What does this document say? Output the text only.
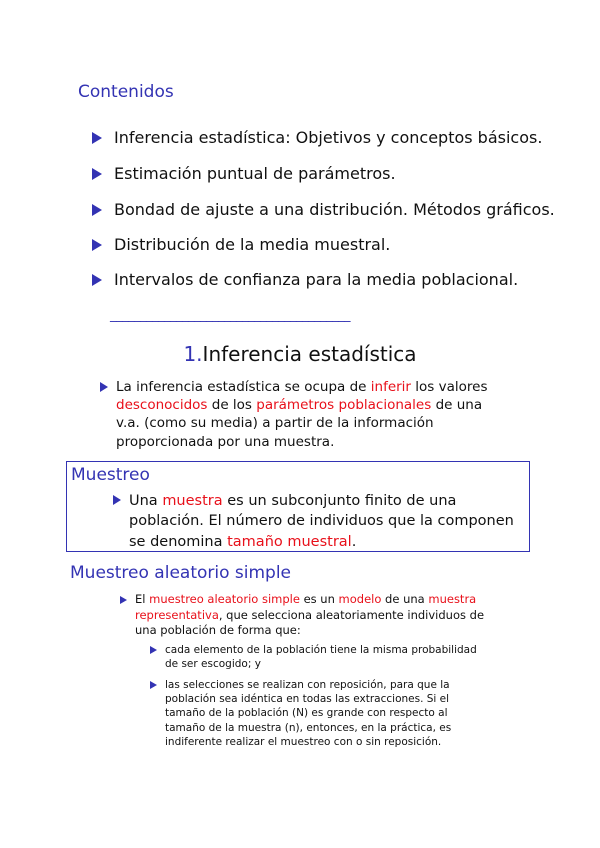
Contenidos
Inferencia estadística: Objetivos y conceptos básicos.
Estimación puntual de parámetros.
Bondad de ajuste a una distribución. Métodos gráficos.
Distribución de la media muestral.
Intervalos de confianza para la media poblacional.
________________________________________
1.Inferencia estadística
La inferencia estadística se ocupa de inferir los valores desconocidos de los parámetros poblacionales de una v.a. (como su media) a partir de la información proporcionada por una muestra.
Muestreo
Una muestra es un subconjunto finito de una población. El número de individuos que la componen se denomina tamaño muestral.
Muestreo aleatorio simple
El muestreo aleatorio simple es un modelo de una muestra representativa, que selecciona aleatoriamente individuos de una población de forma que:
cada elemento de la población tiene la misma probabilidad de ser escogido; y
las selecciones se realizan con reposición, para que la población sea idéntica en todas las extracciones. Si el tamaño de la población (N) es grande con respecto al tamaño de la muestra (n), entonces, en la práctica, es indiferente realizar el muestreo con o sin reposición.
